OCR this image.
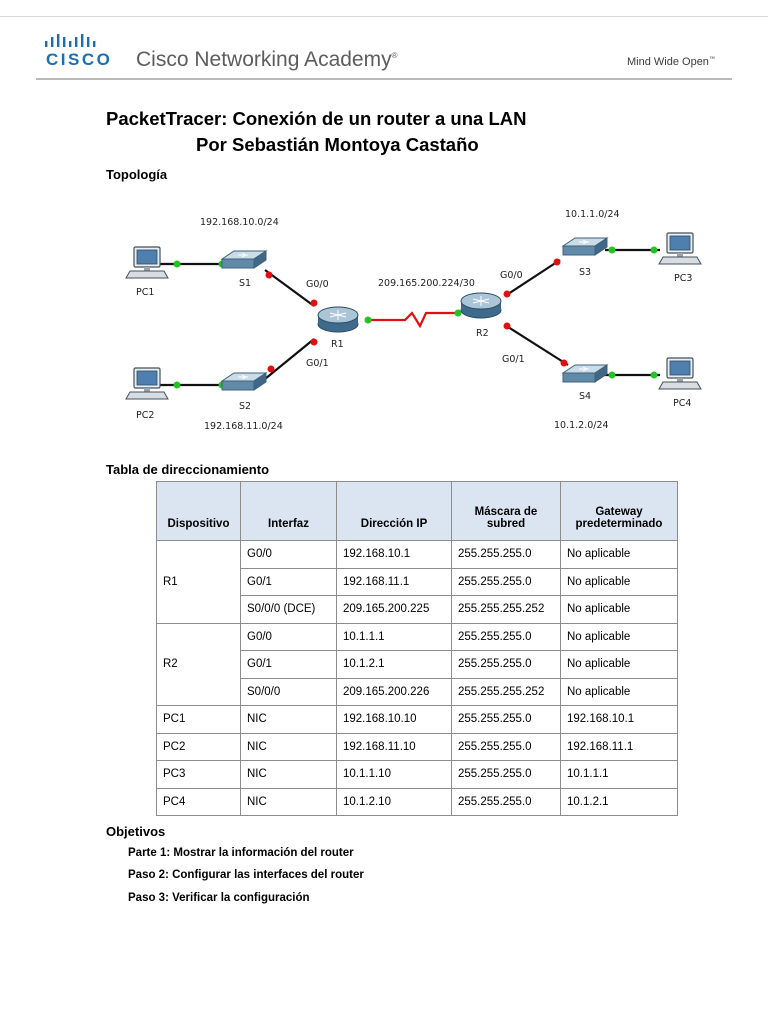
CISCO Cisco Networking Academy®
Mind Wide Open™
PacketTracer: Conexión de un router a una LAN
Por Sebastián Montoya Castaño
Topología
192.168.10.0/24
192.168.11.0/24
209.165.200.224/30
10.1.1.0/24
10.1.2.0/24
PC1
PC2
PC3
PC4
S1
S2
S3
S4
R1
R2
G0/0
G0/1
G0/0
G0/1
Tabla de direccionamiento
Dispositivo	Interfaz	Dirección IP	Máscara de subred	Gateway predeterminado
R1	G0/0	192.168.10.1	255.255.255.0	No aplicable
	G0/1	192.168.11.1	255.255.255.0	No aplicable
	S0/0/0 (DCE)	209.165.200.225	255.255.255.252	No aplicable
R2	G0/0	10.1.1.1	255.255.255.0	No aplicable
	G0/1	10.1.2.1	255.255.255.0	No aplicable
	S0/0/0	209.165.200.226	255.255.255.252	No aplicable
PC1	NIC	192.168.10.10	255.255.255.0	192.168.10.1
PC2	NIC	192.168.11.10	255.255.255.0	192.168.11.1
PC3	NIC	10.1.1.10	255.255.255.0	10.1.1.1
PC4	NIC	10.1.2.10	255.255.255.0	10.1.2.1
Objetivos
Parte 1: Mostrar la información del router
Paso 2: Configurar las interfaces del router
Paso 3: Verificar la configuración
